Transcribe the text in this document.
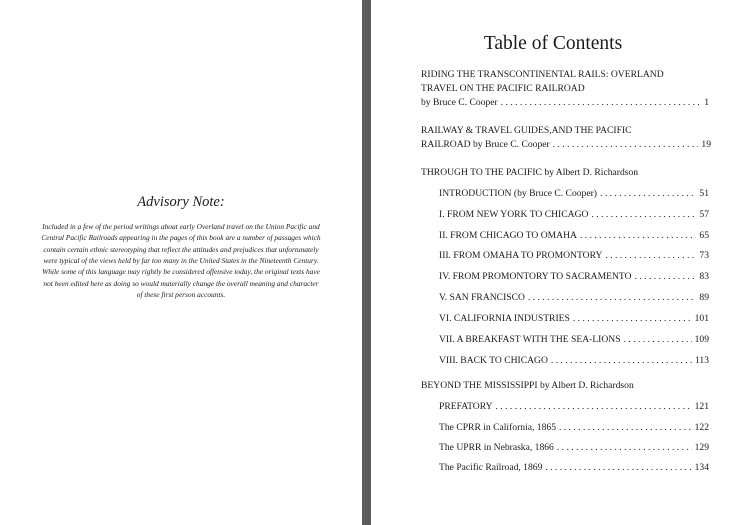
Advisory Note:

Included in a few of the period writings about early Overland travel on the Union Pacific and Central Pacific Railroads appearing in the pages of this book are a number of passages which contain certain ethnic stereotyping that reflect the attitudes and prejudices that unfortunately were typical of the views held by far too many in the United States in the Nineteenth Century. While some of this language may rightly be considered offensive today, the original texts have not been edited here as doing so would materially change the overall meaning and character of these first person accounts.

Table of Contents
RIDING THE TRANSCONTINENTAL RAILS: OVERLAND
TRAVEL ON THE PACIFIC RAILROAD
by Bruce C. Cooper . . .	1
RAILWAY & TRAVEL GUIDES,AND THE PACIFIC
RAILROAD by Bruce C. Cooper . . .	19
THROUGH TO THE PACIFIC by Albert D. Richardson
INTRODUCTION (by Bruce C. Cooper) . . .	51
I. FROM NEW YORK TO CHICAGO . . .	57
II. FROM CHICAGO TO OMAHA . . .	65
III. FROM OMAHA TO PROMONTORY . . .	73
IV. FROM PROMONTORY TO SACRAMENTO . . .	83
V. SAN FRANCISCO . . .	89
VI. CALIFORNIA INDUSTRIES . . .	101
VII. A BREAKFAST WITH THE SEA-LIONS . . .	109
VIII. BACK TO CHICAGO . . .	113
BEYOND THE MISSISSIPPI by Albert D. Richardson
PREFATORY . . .	121
The CPRR in California, 1865 . . .	122
The UPRR in Nebraska, 1866 . . .	129
The Pacific Railroad, 1869 . . .	134
